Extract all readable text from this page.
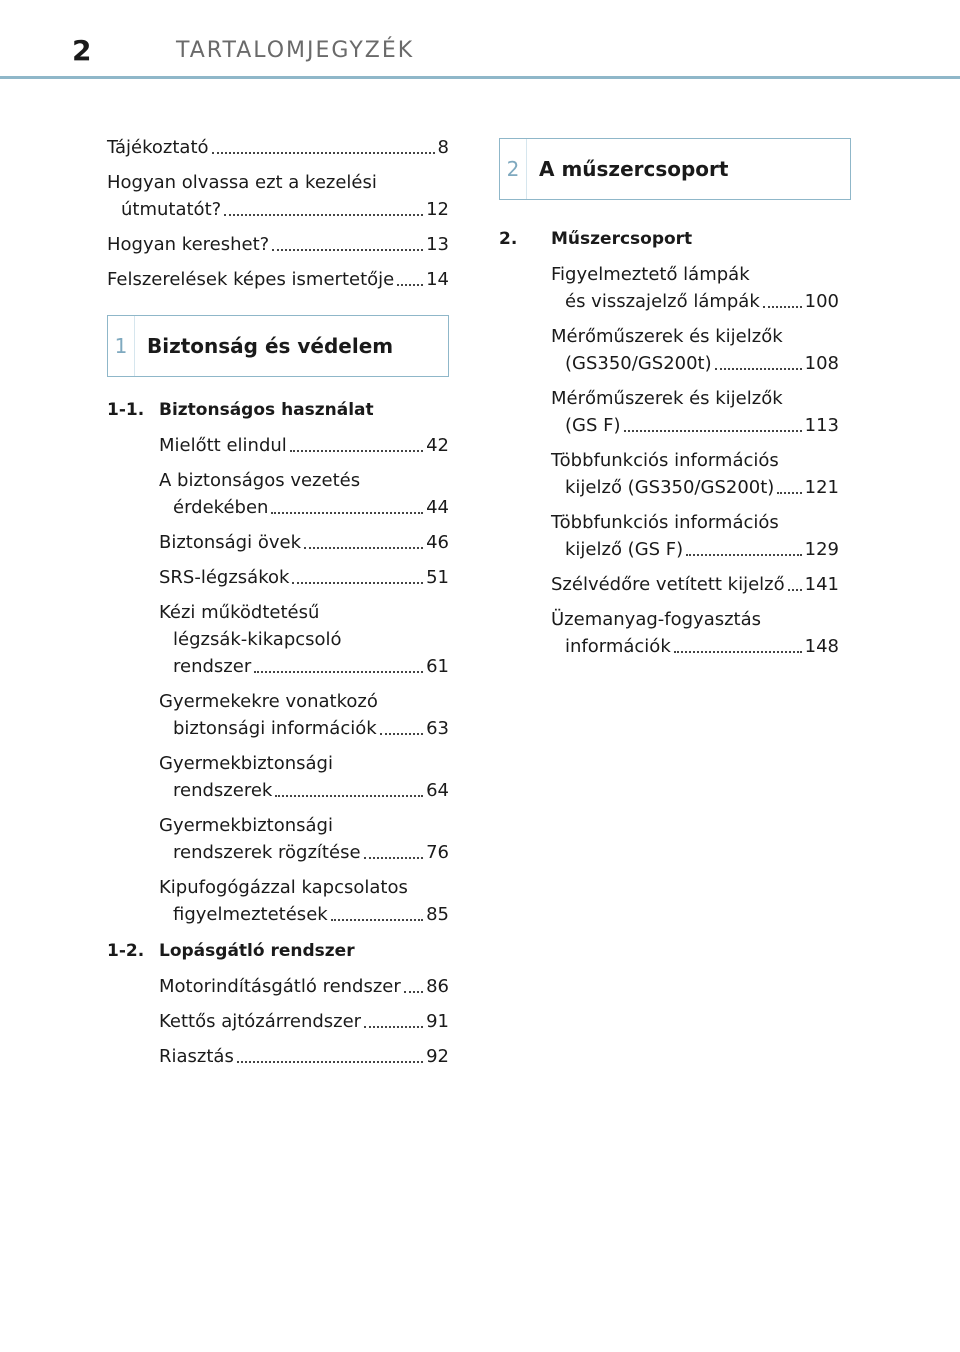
2	TARTALOMJEGYZÉK
Tájékoztató	8
Hogyan olvassa ezt a kezelési
útmutatót?	12
Hogyan kereshet?	13
Felszerelések képes ismertetője 14
1 Biztonság és védelem
1-1. Biztonságos használat
Mielőtt elindul	42
A biztonságos vezetés
érdekében	44
Biztonsági övek	46
SRS-légzsákok	51
Kézi működtetésű
légzsák-kikapcsoló
rendszer	61
Gyermekekre vonatkozó
biztonsági információk	63
Gyermekbiztonsági
rendszerek	64
Gyermekbiztonsági
rendszerek rögzítése	76
Kipufogógázzal kapcsolatos
figyelmeztetések	85
1-2. Lopásgátló rendszer
Motorindításgátló rendszer 86
Kettős ajtózárrendszer	91
Riasztás	92
2 A műszercsoport
2.	Műszercsoport
Figyelmeztető lámpák
és visszajelző lámpák 100
Mérőműszerek és kijelzők
(GS350/GS200t)	108
Mérőműszerek és kijelzők
(GS F)	113
Többfunkciós információs
kijelző (GS350/GS200t) 121
Többfunkciós információs
kijelző (GS F)	129
Szélvédőre vetített kijelző 141
Üzemanyag-fogyasztás
információk	148
